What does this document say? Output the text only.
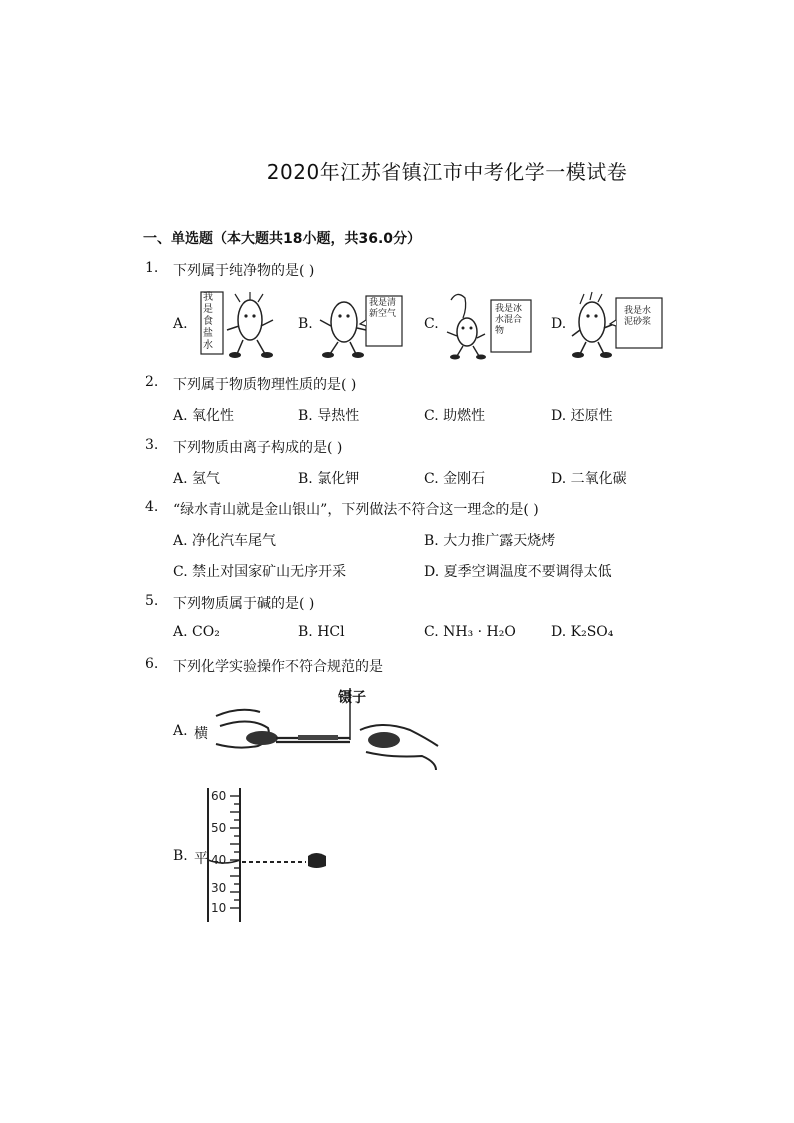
2020年江苏省镇江市中考化学一模试卷
一、单选题（本大题共18小题，共36.0分）
1. 下列属于纯净物的是( )
A.
我是食盐水
B.
我是清新空气
C.
我是冰水混合物	D.
我是水泥砂浆
2. 下列属于物质物理性质的是( )
A. 氧化性	B. 导热性	C. 助燃性	D. 还原性
3. 下列物质由离子构成的是( )
A. 氢气	B. 氯化钾	C. 金刚石	D. 二氧化碳
4. “绿水青山就是金山银山”，下列做法不符合这一理念的是( )
A. 净化汽车尾气	B. 大力推广露天烧烤
C. 禁止对国家矿山无序开采	D. 夏季空调温度不要调得太低
5. 下列物质属于碱的是( )
A. CO₂	B. HCl	C. NH₃ · H₂O	D. K₂SO₄
6. 下列化学实验操作不符合规范的是
A. 横
镊子
B. 平
60
50
40
30
10
